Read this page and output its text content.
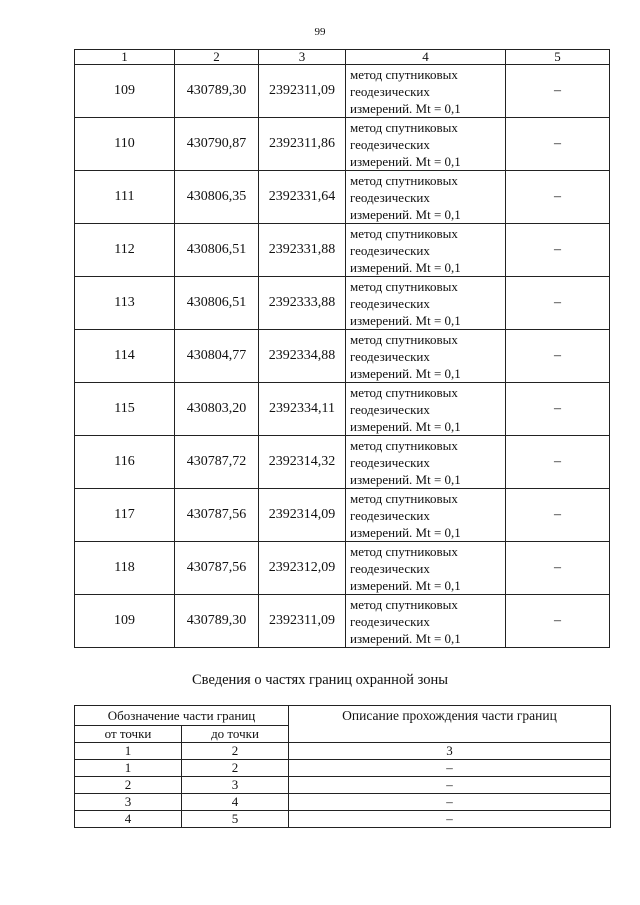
99
1	2	3	4	5
109	430789,30	2392311,09	метод спутниковых
геодезических
измерений. Mt = 0,1	–
110	430790,87	2392311,86	метод спутниковых
геодезических
измерений. Mt = 0,1	–
111	430806,35	2392331,64	метод спутниковых
геодезических
измерений. Mt = 0,1	–
112	430806,51	2392331,88	метод спутниковых
геодезических
измерений. Mt = 0,1	–
113	430806,51	2392333,88	метод спутниковых
геодезических
измерений. Mt = 0,1	–
114	430804,77	2392334,88	метод спутниковых
геодезических
измерений. Mt = 0,1	–
115	430803,20	2392334,11	метод спутниковых
геодезических
измерений. Mt = 0,1	–
116	430787,72	2392314,32	метод спутниковых
геодезических
измерений. Mt = 0,1	–
117	430787,56	2392314,09	метод спутниковых
геодезических
измерений. Mt = 0,1	–
118	430787,56	2392312,09	метод спутниковых
геодезических
измерений. Mt = 0,1	–
109	430789,30	2392311,09	метод спутниковых
геодезических
измерений. Mt = 0,1	–
Сведения о частях границ охранной зоны
Обозначение части границ		Описание прохождения части границ
от точки	до точки	
1	2	3
1	2	–
2	3	–
3	4	–
4	5	–
